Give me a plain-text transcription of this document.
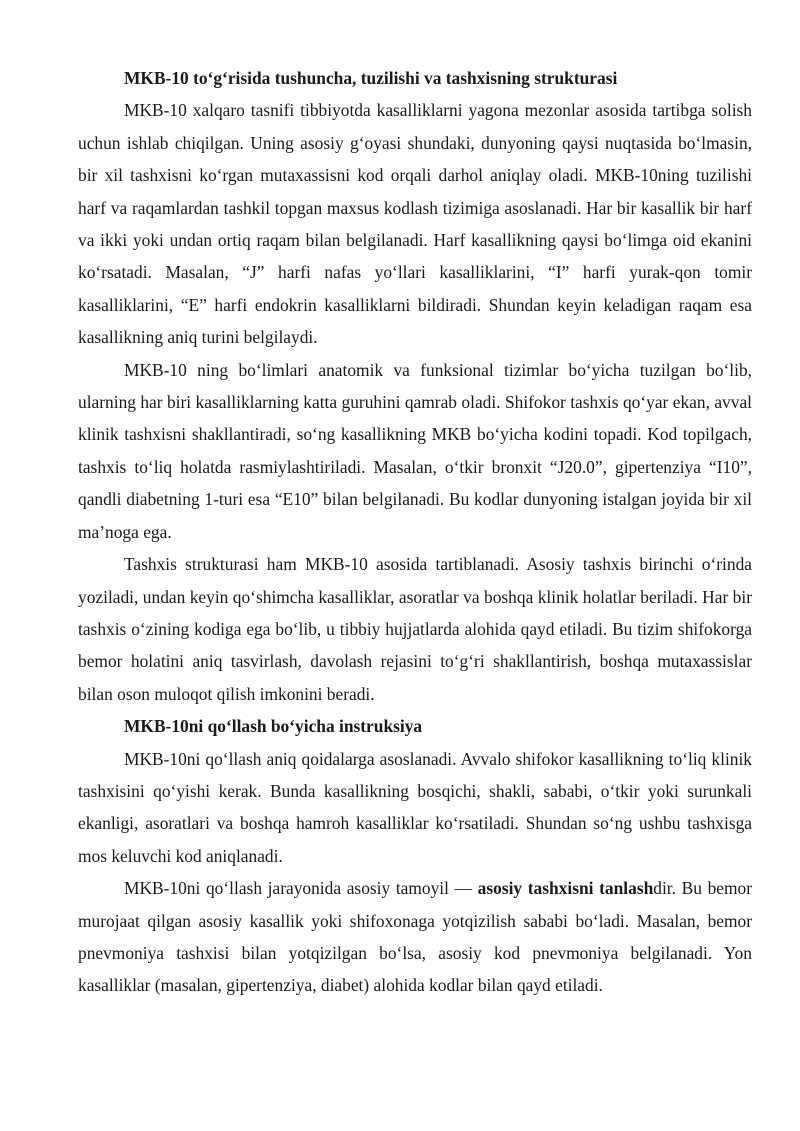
MKB-10 to‘g‘risida tushuncha, tuzilishi va tashxisning strukturasi

MKB-10 xalqaro tasnifi tibbiyotda kasalliklarni yagona mezonlar asosida tartibga solish uchun ishlab chiqilgan. Uning asosiy g‘oyasi shundaki, dunyoning qaysi nuqtasida bo‘lmasin, bir xil tashxisni ko‘rgan mutaxassisni kod orqali darhol aniqlay oladi. MKB-10ning tuzilishi harf va raqamlardan tashkil topgan maxsus kodlash tizimiga asoslanadi. Har bir kasallik bir harf va ikki yoki undan ortiq raqam bilan belgilanadi. Harf kasallikning qaysi bo‘limga oid ekanini ko‘rsatadi. Masalan, “J” harfi nafas yo‘llari kasalliklarini, “I” harfi yurak-qon tomir kasalliklarini, “E” harfi endokrin kasalliklarni bildiradi. Shundan keyin keladigan raqam esa kasallikning aniq turini belgilaydi.

MKB-10 ning bo‘limlari anatomik va funksional tizimlar bo‘yicha tuzilgan bo‘lib, ularning har biri kasalliklarning katta guruhini qamrab oladi. Shifokor tashxis qo‘yar ekan, avval klinik tashxisni shakllantiradi, so‘ng kasallikning MKB bo‘yicha kodini topadi. Kod topilgach, tashxis to‘liq holatda rasmiylashtiriladi. Masalan, o‘tkir bronxit “J20.0”, gipertenziya “I10”, qandli diabetning 1-turi esa “E10” bilan belgilanadi. Bu kodlar dunyoning istalgan joyida bir xil ma’noga ega.

Tashxis strukturasi ham MKB-10 asosida tartiblanadi. Asosiy tashxis birinchi o‘rinda yoziladi, undan keyin qo‘shimcha kasalliklar, asoratlar va boshqa klinik holatlar beriladi. Har bir tashxis o‘zining kodiga ega bo‘lib, u tibbiy hujjatlarda alohida qayd etiladi. Bu tizim shifokorga bemor holatini aniq tasvirlash, davolash rejasini to‘g‘ri shakllantirish, boshqa mutaxassislar bilan oson muloqot qilish imkonini beradi.

MKB-10ni qo‘llash bo‘yicha instruksiya

MKB-10ni qo‘llash aniq qoidalarga asoslanadi. Avvalo shifokor kasallikning to‘liq klinik tashxisini qo‘yishi kerak. Bunda kasallikning bosqichi, shakli, sababi, o‘tkir yoki surunkali ekanligi, asoratlari va boshqa hamroh kasalliklar ko‘rsatiladi. Shundan so‘ng ushbu tashxisga mos keluvchi kod aniqlanadi.

MKB-10ni qo‘llash jarayonida asosiy tamoyil — asosiy tashxisni tanlashdir. Bu bemor murojaat qilgan asosiy kasallik yoki shifoxonaga yotqizilish sababi bo‘ladi. Masalan, bemor pnevmoniya tashxisi bilan yotqizilgan bo‘lsa, asosiy kod pnevmoniya belgilanadi. Yon kasalliklar (masalan, gipertenziya, diabet) alohida kodlar bilan qayd etiladi.
